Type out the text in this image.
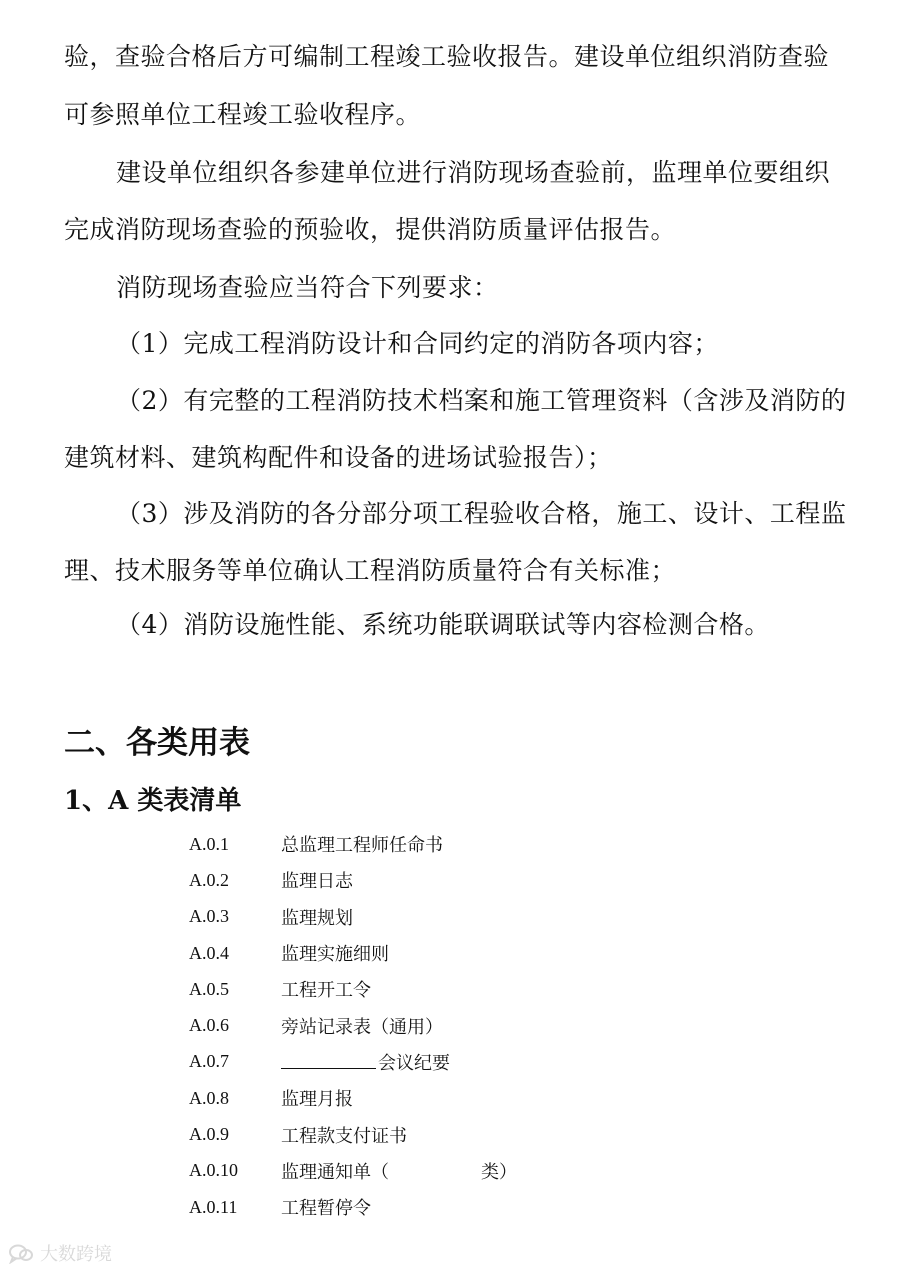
验，查验合格后方可编制工程竣工验收报告。建设单位组织消防查验

可参照单位工程竣工验收程序。

建设单位组织各参建单位进行消防现场查验前，监理单位要组织

完成消防现场查验的预验收，提供消防质量评估报告。

消防现场查验应当符合下列要求：

（1）完成工程消防设计和合同约定的消防各项内容；

（2）有完整的工程消防技术档案和施工管理资料（含涉及消防的

建筑材料、建筑构配件和设备的进场试验报告）；

（3）涉及消防的各分部分项工程验收合格，施工、设计、工程监

理、技术服务等单位确认工程消防质量符合有关标准；

（4）消防设施性能、系统功能联调联试等内容检测合格。

二、各类用表
1、A 类表清单
A.0.1	总监理工程师任命书
A.0.2	监理日志
A.0.3	监理规划
A.0.4	监理实施细则
A.0.5	工程开工令
A.0.6	旁站记录表（通用）
A.0.7	会议纪要
A.0.8	监理月报
A.0.9	工程款支付证书
A.0.10	监理通知单（	类）
A.0.11	工程暂停令
大数跨境
